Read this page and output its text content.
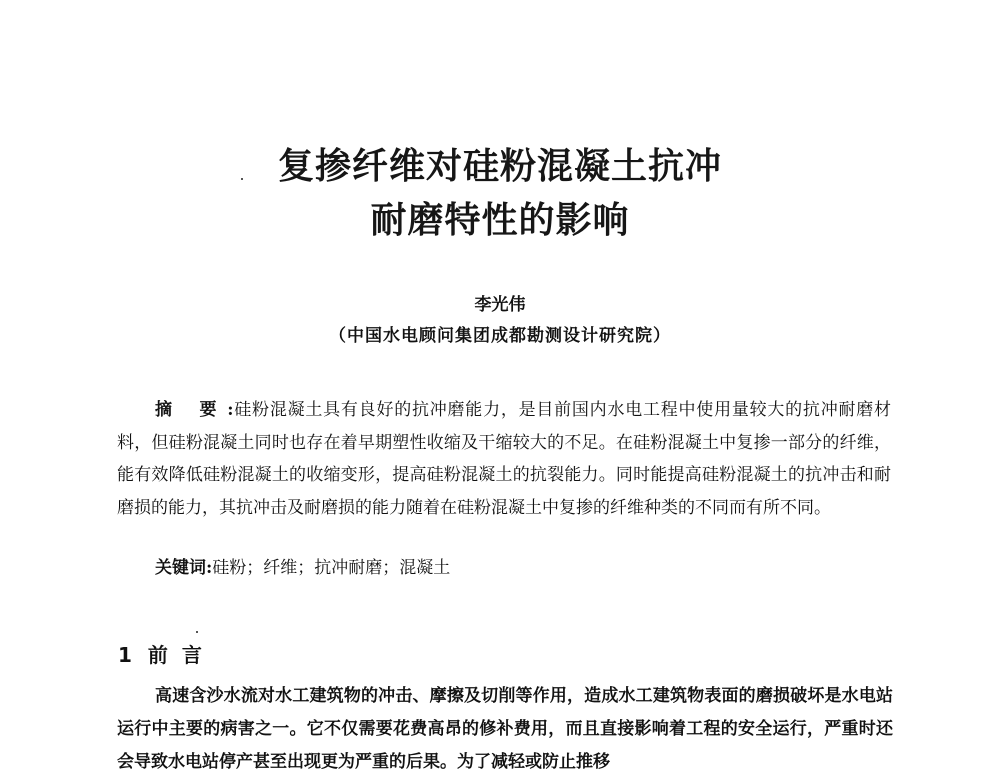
复掺纤维对硅粉混凝土抗冲
耐磨特性的影响
李光伟
（中国水电顾问集团成都勘测设计研究院）
摘 要:硅粉混凝土具有良好的抗冲磨能力，是目前国内水电工程中使用量较大的抗冲耐磨材料，但硅粉混凝土同时也存在着早期塑性收缩及干缩较大的不足。在硅粉混凝土中复掺一部分的纤维，能有效降低硅粉混凝土的收缩变形，提高硅粉混凝土的抗裂能力。同时能提高硅粉混凝土的抗冲击和耐磨损的能力，其抗冲击及耐磨损的能力随着在硅粉混凝土中复掺的纤维种类的不同而有所不同。
关键词:硅粉；纤维；抗冲耐磨；混凝土
1 前言
高速含沙水流对水工建筑物的冲击、摩擦及切削等作用，造成水工建筑物表面的磨损破坏是水电站运行中主要的病害之一。它不仅需要花费高昂的修补费用，而且直接影响着工程的安全运行，严重时还会导致水电站停产甚至出现更为严重的后果。为了减轻或防止推移
